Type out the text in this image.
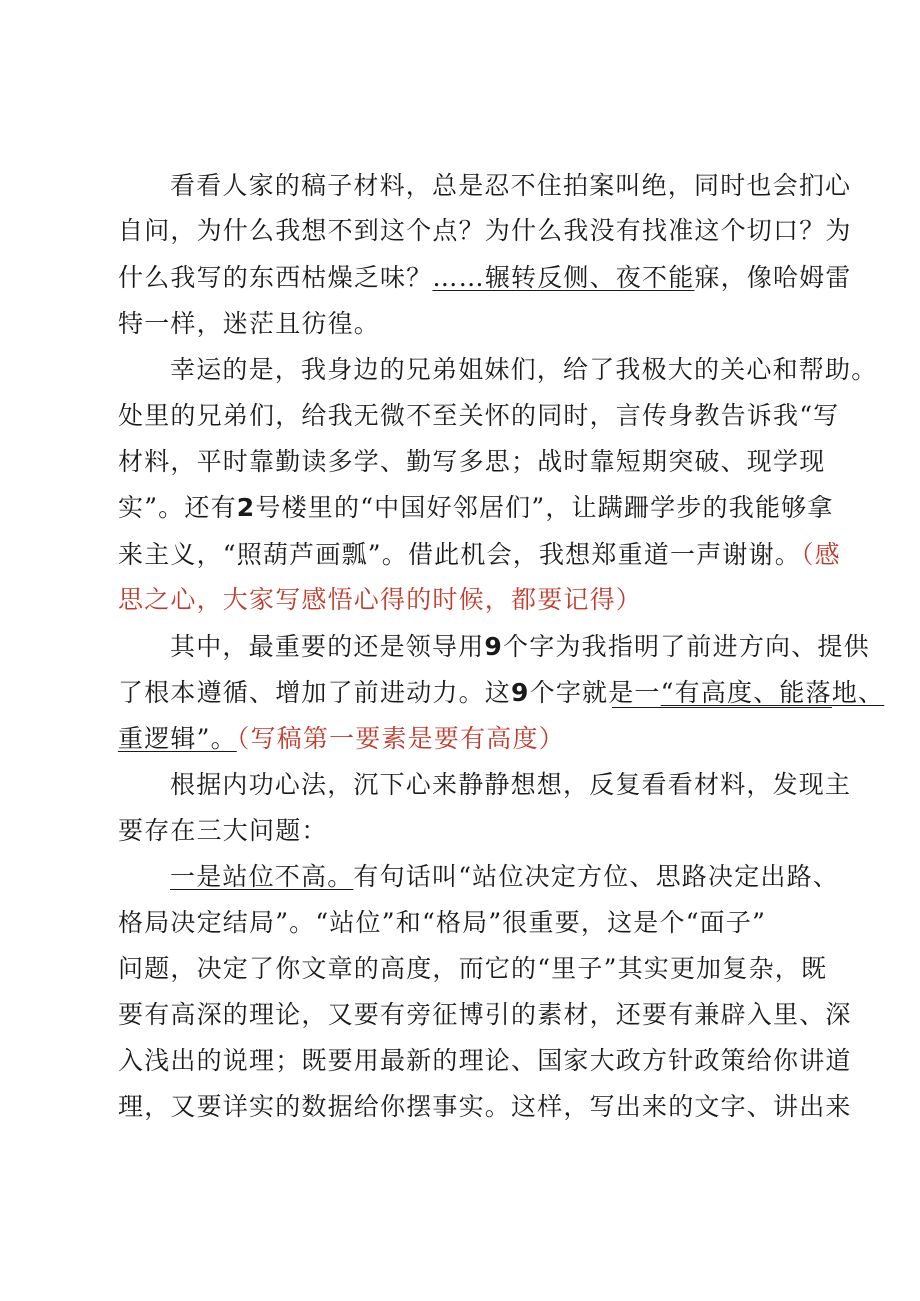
看看人家的稿子材料，总是忍不住拍案叫绝，同时也会扪心
自问，为什么我想不到这个点？为什么我没有找准这个切口？为
什么我写的东西枯燥乏味？……辗转反侧、夜不能寐，像哈姆雷
特一样，迷茫且彷徨。
幸运的是，我身边的兄弟姐妹们，给了我极大的关心和帮助。
处里的兄弟们，给我无微不至关怀的同时，言传身教告诉我“写
材料，平时靠勤读多学、勤写多思；战时靠短期突破、现学现
实”。还有2号楼里的“中国好邻居们”，让蹒跚学步的我能够拿
来主义，“照葫芦画瓢”。借此机会，我想郑重道一声谢谢。（感
思之心，大家写感悟心得的时候，都要记得）
其中，最重要的还是领导用9个字为我指明了前进方向、提供
了根本遵循、增加了前进动力。这9个字就是一“有高度、能落地、
重逻辑”。（写稿第一要素是要有高度）
根据内功心法，沉下心来静静想想，反复看看材料，发现主
要存在三大问题：
一是站位不高。有句话叫“站位决定方位、思路决定出路、
格局决定结局”。“站位”和“格局”很重要，这是个“面子”
问题，决定了你文章的高度，而它的“里子”其实更加复杂，既
要有高深的理论，又要有旁征博引的素材，还要有兼辟入里、深
入浅出的说理；既要用最新的理论、国家大政方针政策给你讲道
理，又要详实的数据给你摆事实。这样，写出来的文字、讲出来
